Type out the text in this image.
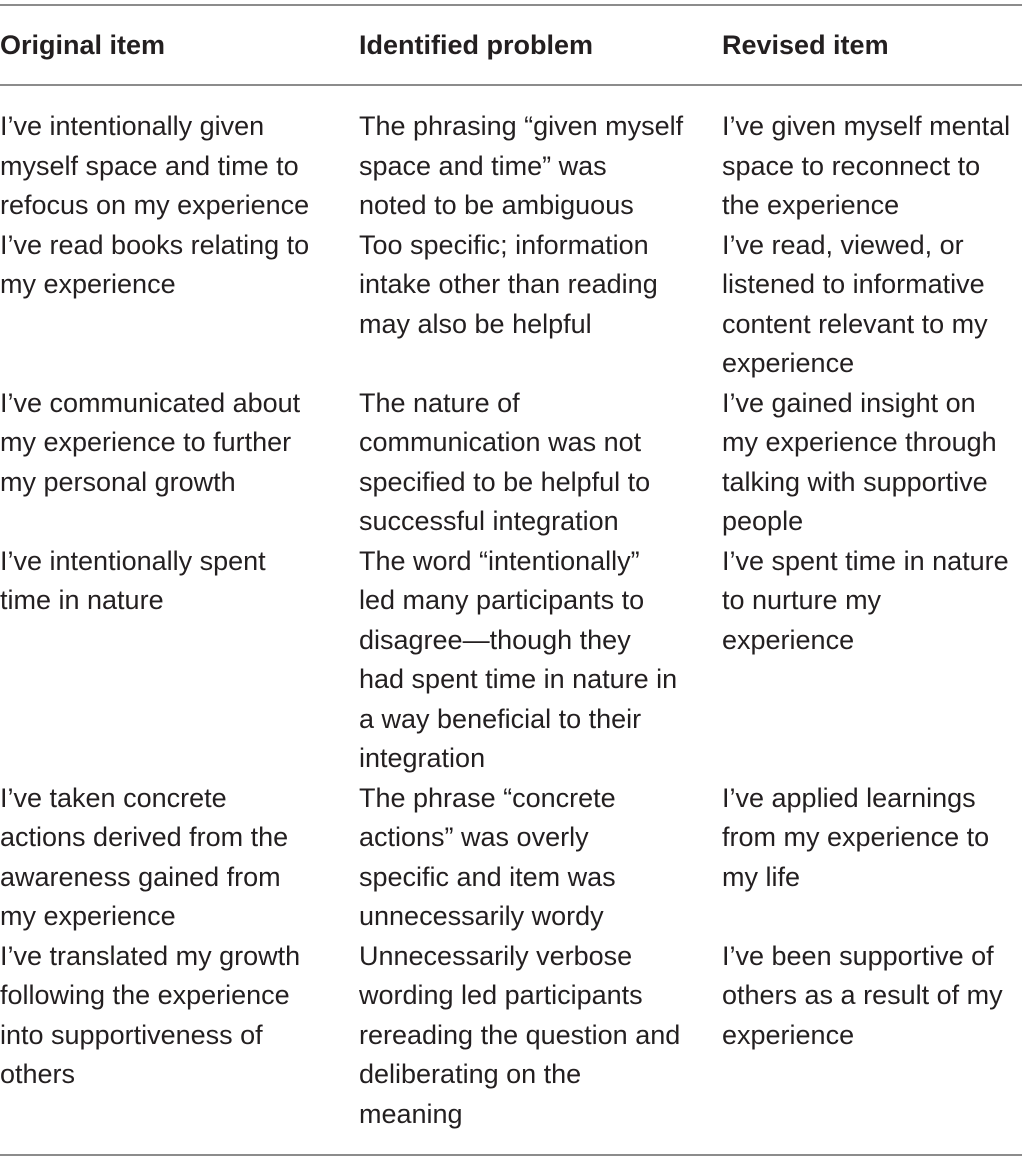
Original item	Identified problem	Revised item
I’ve intentionally given
myself space and time to
refocus on my experience
The phrasing “given myself
space and time” was
noted to be ambiguous
I’ve given myself mental
space to reconnect to
the experience
I’ve read books relating to
my experience
Too specific; information
intake other than reading
may also be helpful
I’ve read, viewed, or
listened to informative
content relevant to my
experience
I’ve communicated about
my experience to further
my personal growth
The nature of
communication was not
specified to be helpful to
successful integration
I’ve gained insight on
my experience through
talking with supportive
people
I’ve intentionally spent
time in nature
The word “intentionally”
led many participants to
disagree—though they
had spent time in nature in
a way beneficial to their
integration
I’ve spent time in nature
to nurture my
experience
I’ve taken concrete
actions derived from the
awareness gained from
my experience
The phrase “concrete
actions” was overly
specific and item was
unnecessarily wordy
I’ve applied learnings
from my experience to
my life
I’ve translated my growth
following the experience
into supportiveness of
others
Unnecessarily verbose
wording led participants
rereading the question and
deliberating on the
meaning
I’ve been supportive of
others as a result of my
experience
